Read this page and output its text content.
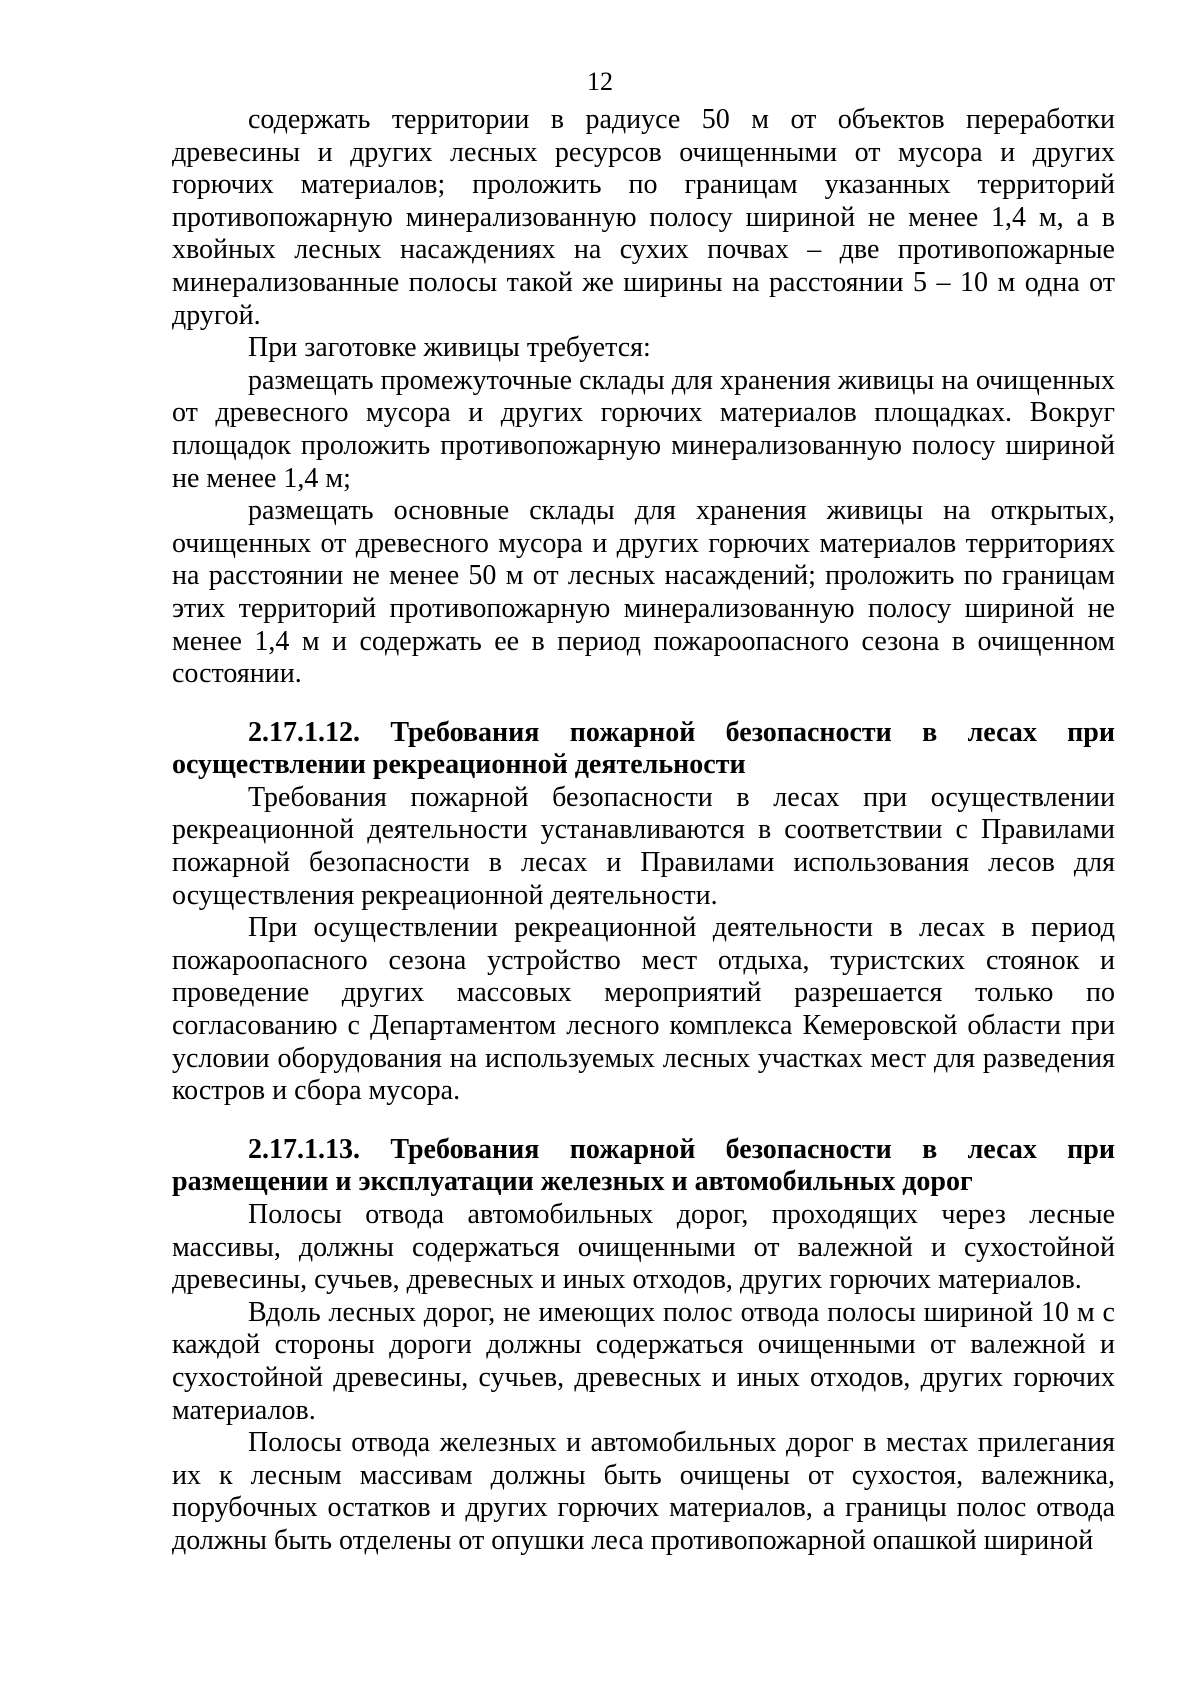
12

содержать территории в радиусе 50 м от объектов переработки древесины и других лесных ресурсов очищенными от мусора и других горючих материалов; проложить по границам указанных территорий противопожарную минерализованную полосу шириной не менее 1,4 м, а в хвойных лесных насаждениях на сухих почвах – две противопожарные минерализованные полосы такой же ширины на расстоянии 5 – 10 м одна от другой.

При заготовке живицы требуется:

размещать промежуточные склады для хранения живицы на очищенных от древесного мусора и других горючих материалов площадках. Вокруг площадок проложить противопожарную минерализованную полосу шириной не менее 1,4 м;

размещать основные склады для хранения живицы на открытых, очищенных от древесного мусора и других горючих материалов территориях на расстоянии не менее 50 м от лесных насаждений; проложить по границам этих территорий противопожарную минерализованную полосу шириной не менее 1,4 м и содержать ее в период пожароопасного сезона в очищенном состоянии.

2.17.1.12. Требования пожарной безопасности в лесах при осуществлении рекреационной деятельности

Требования пожарной безопасности в лесах при осуществлении рекреационной деятельности устанавливаются в соответствии с Правилами пожарной безопасности в лесах и Правилами использования лесов для осуществления рекреационной деятельности.

При осуществлении рекреационной деятельности в лесах в период пожароопасного сезона устройство мест отдыха, туристских стоянок и проведение других массовых мероприятий разрешается только по согласованию с Департаментом лесного комплекса Кемеровской области при условии оборудования на используемых лесных участках мест для разведения костров и сбора мусора.

2.17.1.13. Требования пожарной безопасности в лесах при размещении и эксплуатации железных и автомобильных дорог

Полосы отвода автомобильных дорог, проходящих через лесные массивы, должны содержаться очищенными от валежной и сухостойной древесины, сучьев, древесных и иных отходов, других горючих материалов.

Вдоль лесных дорог, не имеющих полос отвода полосы шириной 10 м с каждой стороны дороги должны содержаться очищенными от валежной и сухостойной древесины, сучьев, древесных и иных отходов, других горючих материалов.

Полосы отвода железных и автомобильных дорог в местах прилегания их к лесным массивам должны быть очищены от сухостоя, валежника, порубочных остатков и других горючих материалов, а границы полос отвода должны быть отделены от опушки леса противопожарной опашкой шириной
